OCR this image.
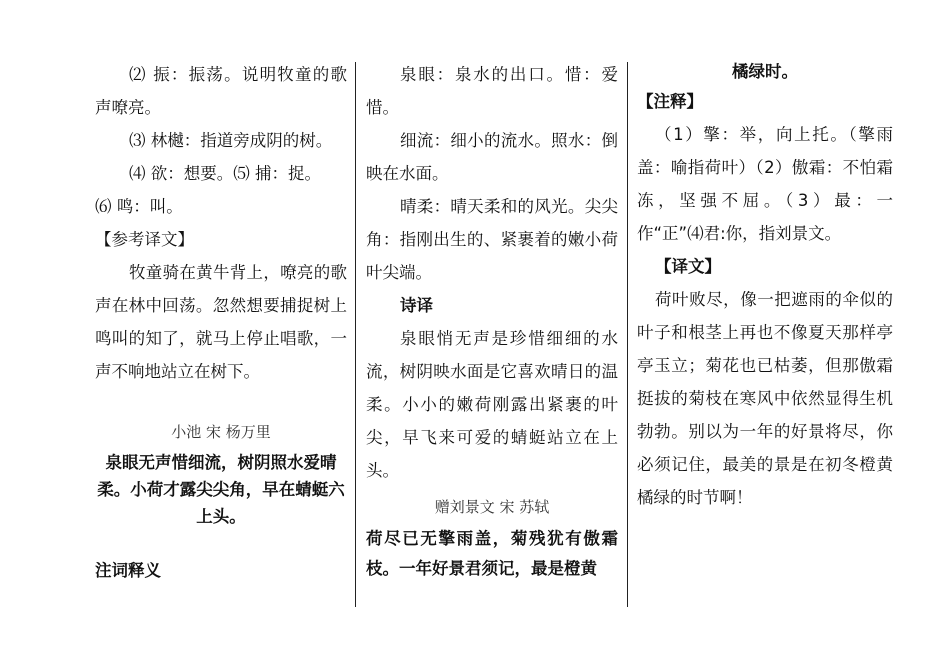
⑵ 振：振荡。说明牧童的歌声嘹亮。

⑶ 林樾：指道旁成阴的树。

⑷ 欲：想要。⑸ 捕：捉。

⑹ 鸣：叫。

【参考译文】

牧童骑在黄牛背上，嘹亮的歌声在林中回荡。忽然想要捕捉树上鸣叫的知了，就马上停止唱歌，一声不响地站立在树下。

小池 宋 杨万里

泉眼无声惜细流，树阴照水爱晴柔。小荷才露尖尖角，早在蜻蜓六上头。

注词释义

泉眼：泉水的出口。惜：爱惜。

细流：细小的流水。照水：倒映在水面。

晴柔：晴天柔和的风光。尖尖角：指刚出生的、紧裹着的嫩小荷叶尖端。

诗译

泉眼悄无声是珍惜细细的水流，树阴映水面是它喜欢晴日的温柔。小小的嫩荷刚露出紧裹的叶尖，早飞来可爱的蜻蜓站立在上头。

赠刘景文 宋 苏轼

荷尽已无擎雨盖，菊残犹有傲霜枝。一年好景君须记，最是橙黄

橘绿时。

【注释】

（1）擎：举，向上托。（擎雨盖：喻指荷叶）（2）傲霜：不怕霜冻，坚强不屈。（3）最：一作“正”⑷君:你，指刘景文。

【译文】

荷叶败尽，像一把遮雨的伞似的叶子和根茎上再也不像夏天那样亭亭玉立；菊花也已枯萎，但那傲霜挺拔的菊枝在寒风中依然显得生机勃勃。别以为一年的好景将尽，你必须记住，最美的景是在初冬橙黄橘绿的时节啊！
